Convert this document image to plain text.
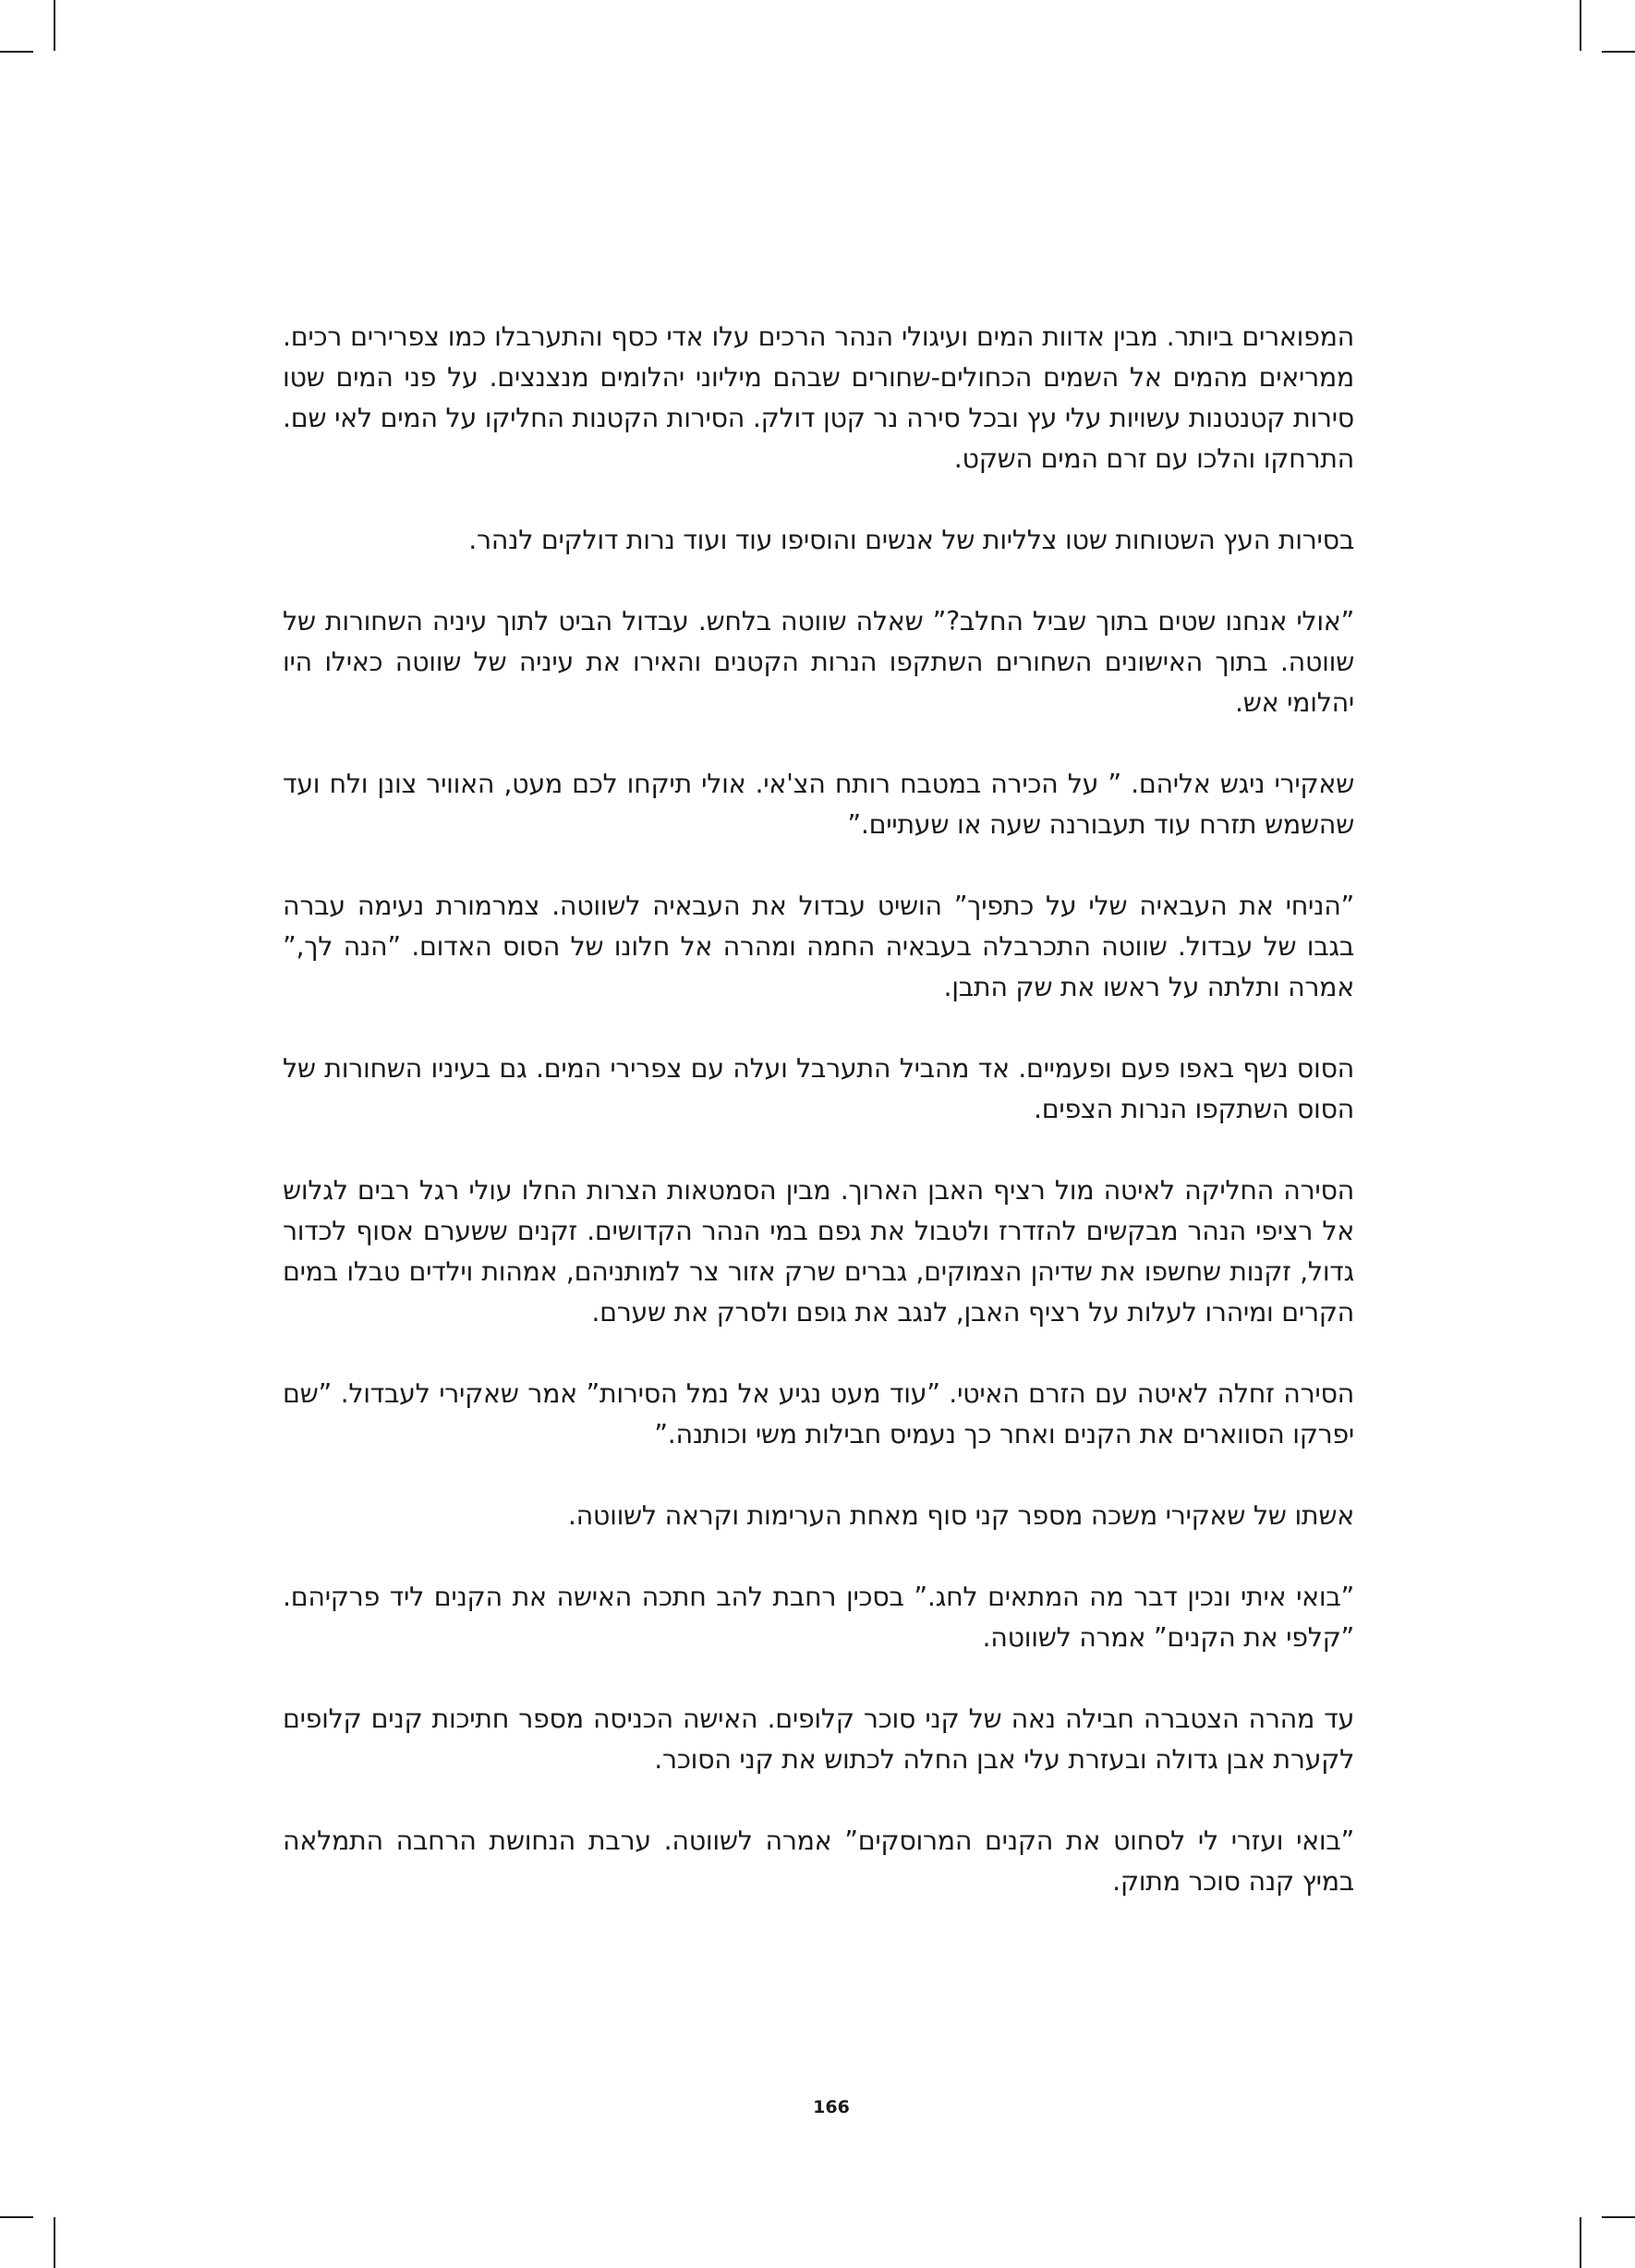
המפוארים ביותר. מבין אדוות המים ועיגולי הנהר הרכים עלו אדי כסף והתערבלו כמו צפרירים רכים. ממריאים מהמים אל השמים הכחולים-שחורים שבהם מיליוני יהלומים מנצנצים. על פני המים שטו סירות קטנטנות עשויות עלי עץ ובכל סירה נר קטן דולק. הסירות הקטנות החליקו על המים לאי שם. התרחקו והלכו עם זרם המים השקט.

בסירות העץ השטוחות שטו צלליות של אנשים והוסיפו עוד ועוד נרות דולקים לנהר.

”אולי אנחנו שטים בתוך שביל החלב?” שאלה שווטה בלחש. עבדול הביט לתוך עיניה השחורות של שווטה. בתוך האישונים השחורים השתקפו הנרות הקטנים והאירו את עיניה של שווטה כאילו היו יהלומי אש.

שאקירי ניגש אליהם. ” על הכירה במטבח רותח הצ'אי. אולי תיקחו לכם מעט, האוויר צונן ולח ועד שהשמש תזרח עוד תעבורנה שעה או שעתיים.”

”הניחי את העבאיה שלי על כתפיך” הושיט עבדול את העבאיה לשווטה. צמרמורת נעימה עברה בגבו של עבדול. שווטה התכרבלה בעבאיה החמה ומהרה אל חלונו של הסוס האדום. ”הנה לך,” אמרה ותלתה על ראשו את שק התבן.

הסוס נשף באפו פעם ופעמיים. אד מהביל התערבל ועלה עם צפרירי המים. גם בעיניו השחורות של הסוס השתקפו הנרות הצפים.

הסירה החליקה לאיטה מול רציף האבן הארוך. מבין הסמטאות הצרות החלו עולי רגל רבים לגלוש אל רציפי הנהר מבקשים להזדרז ולטבול את גפם במי הנהר הקדושים. זקנים ששערם אסוף לכדור גדול, זקנות שחשפו את שדיהן הצמוקים, גברים שרק אזור צר למותניהם, אמהות וילדים טבלו במים הקרים ומיהרו לעלות על רציף האבן, לנגב את גופם ולסרק את שערם.

הסירה זחלה לאיטה עם הזרם האיטי. ”עוד מעט נגיע אל נמל הסירות” אמר שאקירי לעבדול. ”שם יפרקו הסווארים את הקנים ואחר כך נעמיס חבילות משי וכותנה.”

אשתו של שאקירי משכה מספר קני סוף מאחת הערימות וקראה לשווטה.

”בואי איתי ונכין דבר מה המתאים לחג.” בסכין רחבת להב חתכה האישה את הקנים ליד פרקיהם. ”קלפי את הקנים” אמרה לשווטה.

עד מהרה הצטברה חבילה נאה של קני סוכר קלופים. האישה הכניסה מספר חתיכות קנים קלופים לקערת אבן גדולה ובעזרת עלי אבן החלה לכתוש את קני הסוכר.

”בואי ועזרי לי לסחוט את הקנים המרוסקים” אמרה לשווטה. ערבת הנחושת הרחבה התמלאה במיץ קנה סוכר מתוק.

166
